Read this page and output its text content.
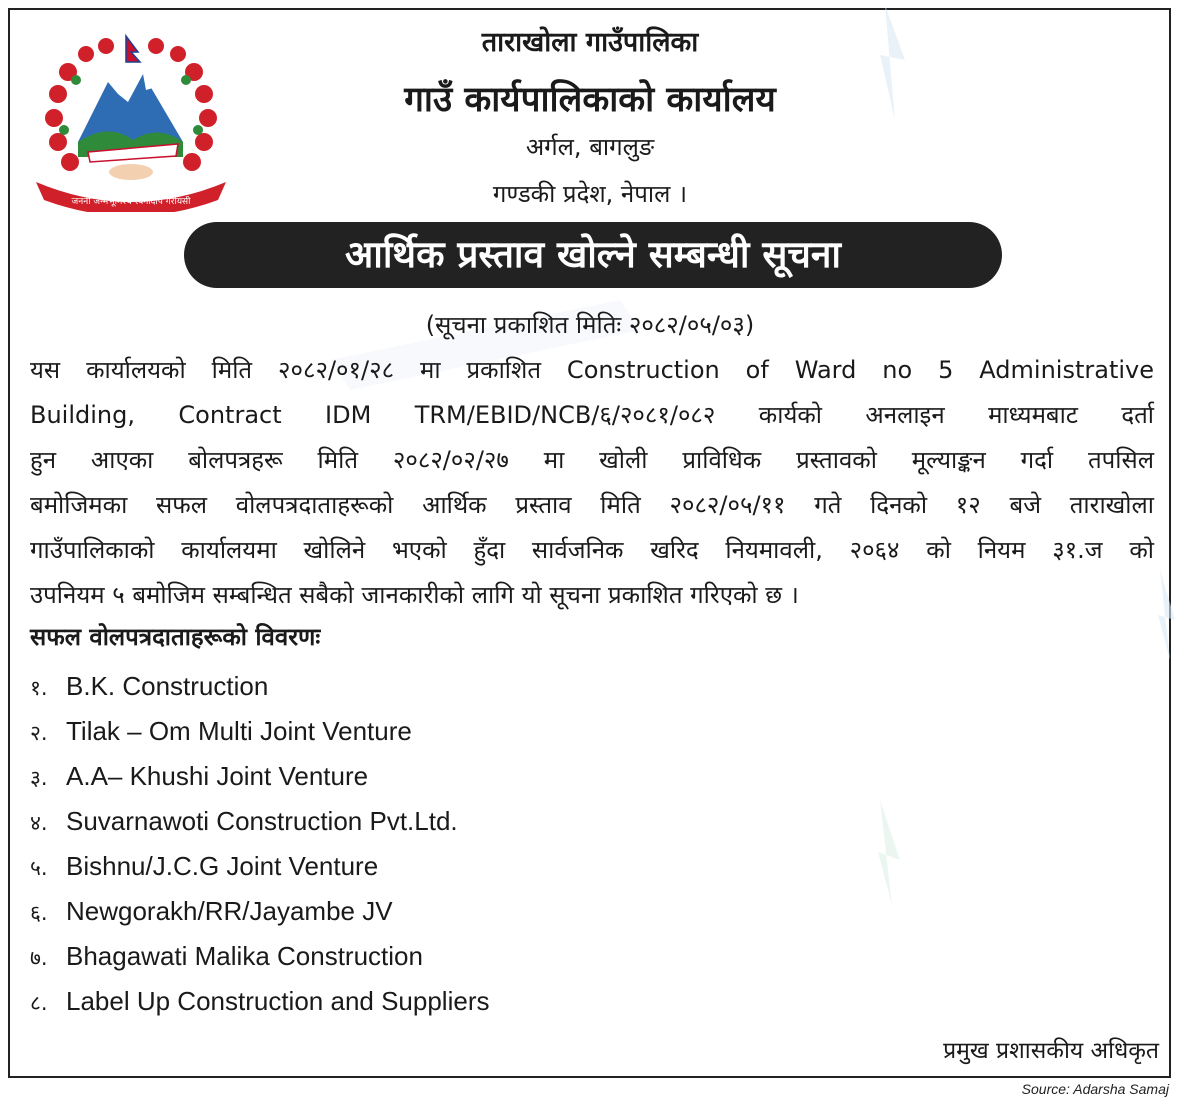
जननी जन्मभूमिश्च स्वर्गादपि गरीयसी
ताराखोला गाउँपालिका
गाउँ कार्यपालिकाको कार्यालय
अर्गल, बागलुङ
गण्डकी प्रदेश, नेपाल ।
आर्थिक प्रस्ताव खोल्ने सम्बन्धी सूचना
(सूचना प्रकाशित मितिः २०८२/०५/०३)
यस कार्यालयको मिति २०८२/०१/२८ मा प्रकाशित Construction of Ward no 5 Administrative
Building, Contract IDM TRM/EBID/NCB/६/२०८१/०८२ कार्यको अनलाइन माध्यमबाट दर्ता
हुन आएका बोलपत्रहरू मिति २०८२/०२/२७ मा खोली प्राविधिक प्रस्तावको मूल्याङ्कन गर्दा तपसिल
बमोजिमका सफल वोलपत्रदाताहरूको आर्थिक प्रस्ताव मिति २०८२/०५/११ गते दिनको १२ बजे ताराखोला
गाउँपालिकाको कार्यालयमा खोलिने भएको हुँदा सार्वजनिक खरिद नियमावली, २०६४ को नियम ३१.ज को
उपनियम ५ बमोजिम सम्बन्धित सबैको जानकारीको लागि यो सूचना प्रकाशित गरिएको छ ।
सफल वोलपत्रदाताहरूको विवरणः
१. B.K. Construction
२. Tilak – Om Multi Joint Venture
३. A.A– Khushi Joint Venture
४. Suvarnawoti Construction Pvt.Ltd.
५. Bishnu/J.C.G Joint Venture
६. Newgorakh/RR/Jayambe JV
७. Bhagawati Malika Construction
८. Label Up Construction and Suppliers
प्रमुख प्रशासकीय अधिकृत
Source: Adarsha Samaj
